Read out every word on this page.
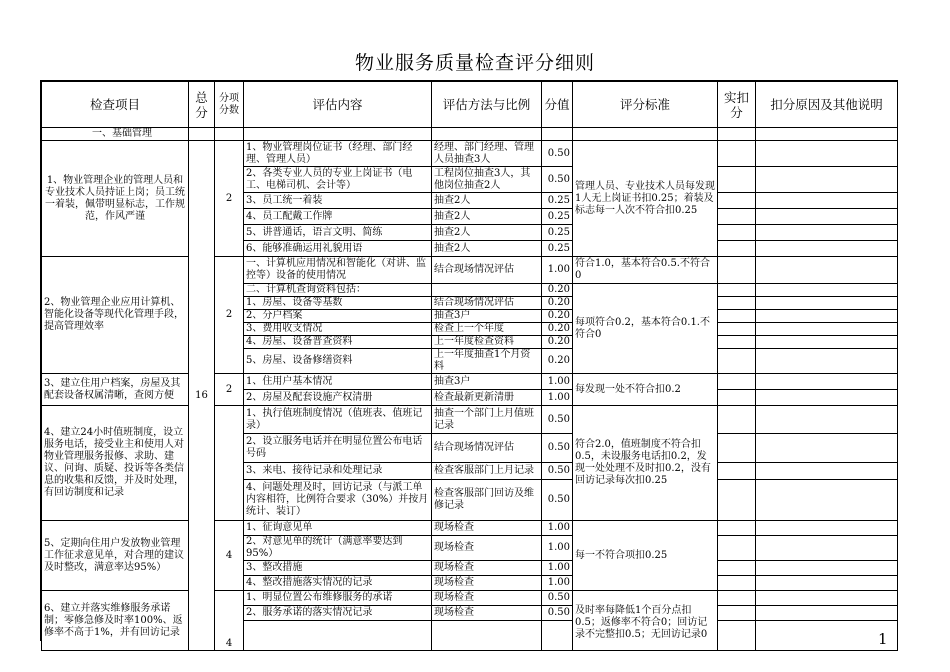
物业服务质量检查评分细则
检查项目	总分	分项分数	评估内容	评估方法与比例	分值	评分标准	实扣分	扣分原因及其他说明
一、基础管理								
1、物业管理企业的管理人员和专业技术人员持证上岗；员工统一着装，佩带明显标志，工作规范，作风严谨	16	2	1、物业管理岗位证书（经理、部门经理、管理人员）	经理、部门经理、管理人员抽查3人	0.50	管理人员、专业技术人员每发现1人无上岗证书扣0.25；着装及标志每一人次不符合扣0.25		
			2、各类专业人员的专业上岗证书（电工、电梯司机、会计等）	工程岗位抽查3人，其他岗位抽查2人	0.50			
			3、员工统一着装	抽查2人	0.25			
			4、员工配戴工作牌	抽查2人	0.25			
			5、讲普通话，语言文明、简练	抽查2人	0.25			
			6、能够准确运用礼貌用语	抽查2人	0.25			
2、物业管理企业应用计算机、智能化设备等现代化管理手段，提高管理效率		2	一、计算机应用情况和智能化（对讲、监控等）设备的使用情况	结合现场情况评估	1.00	符合1.0，基本符合0.5.不符合0		
			二、计算机查询资料包括：		0.20	每项符合0.2，基本符合0.1.不符合0		
			1、房屋、设备等基数	结合现场情况评估	0.20			
			2、分户档案	抽查3户	0.20			
			3、费用收支情况	检查上一个年度	0.20			
			4、房屋、设备普查资料	上一年度检查资料	0.20			
			5、房屋、设备修缮资料	上一年度抽查1个月资料	0.20			
3、建立住用户档案，房屋及其配套设备权属清晰，查阅方便		2	1、住用户基本情况	抽查3户	1.00	每发现一处不符合扣0.2		
			2、房屋及配套设施产权清册	检查最新更新清册	1.00			
4、建立24小时值班制度，设立服务电话，接受业主和使用人对物业管理服务报修、求助、建议、问询、质疑、投诉等各类信息的收集和反馈，并及时处理，有回访制度和记录			1、执行值班制度情况（值班表、值班记录）	抽查一个部门上月值班记录	0.50	符合2.0，值班制度不符合扣0.5，未设服务电话扣0.2，发现一处处理不及时扣0.2，没有回访记录每次扣0.25		
			2、设立服务电话并在明显位置公布电话号码	结合现场情况评估	0.50			
			3、来电、接待记录和处理记录	检查客服部门上月记录	0.50			
			4、问题处理及时，回访记录（与派工单内容相符，比例符合要求（30%）并按月统计、装订）	检查客服部门回访及维修记录	0.50			
5、定期向住用户发放物业管理工作征求意见单，对合理的建议及时整改，满意率达95%）		4	1、征询意见单	现场检查	1.00	每一不符合项扣0.25		
			2、对意见单的统计（满意率要达到95%）	现场检查	1.00			
			3、整改措施	现场检查	1.00			
			4、整改措施落实情况的记录	现场检查	1.00			
6、建立并落实维修服务承诺制；零修急修及时率100%、返修率不高于1%，并有回访记录		4	1、明显位置公布维修服务的承诺	现场检查	0.50	及时率每降低1个百分点扣0.5；返修率不符合0；回访记录不完整扣0.5；无回访记录0		
			2、服务承诺的落实情况记录	现场检查	0.50			

1
